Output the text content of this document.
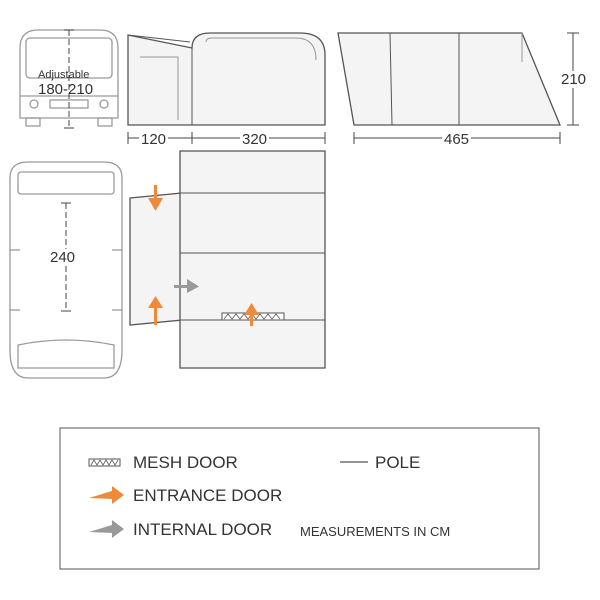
Adjustable
180-210
120	320	465
210
240
MESH DOOR	POLE
ENTRANCE DOOR
INTERNAL DOOR MEASUREMENTS IN CM
